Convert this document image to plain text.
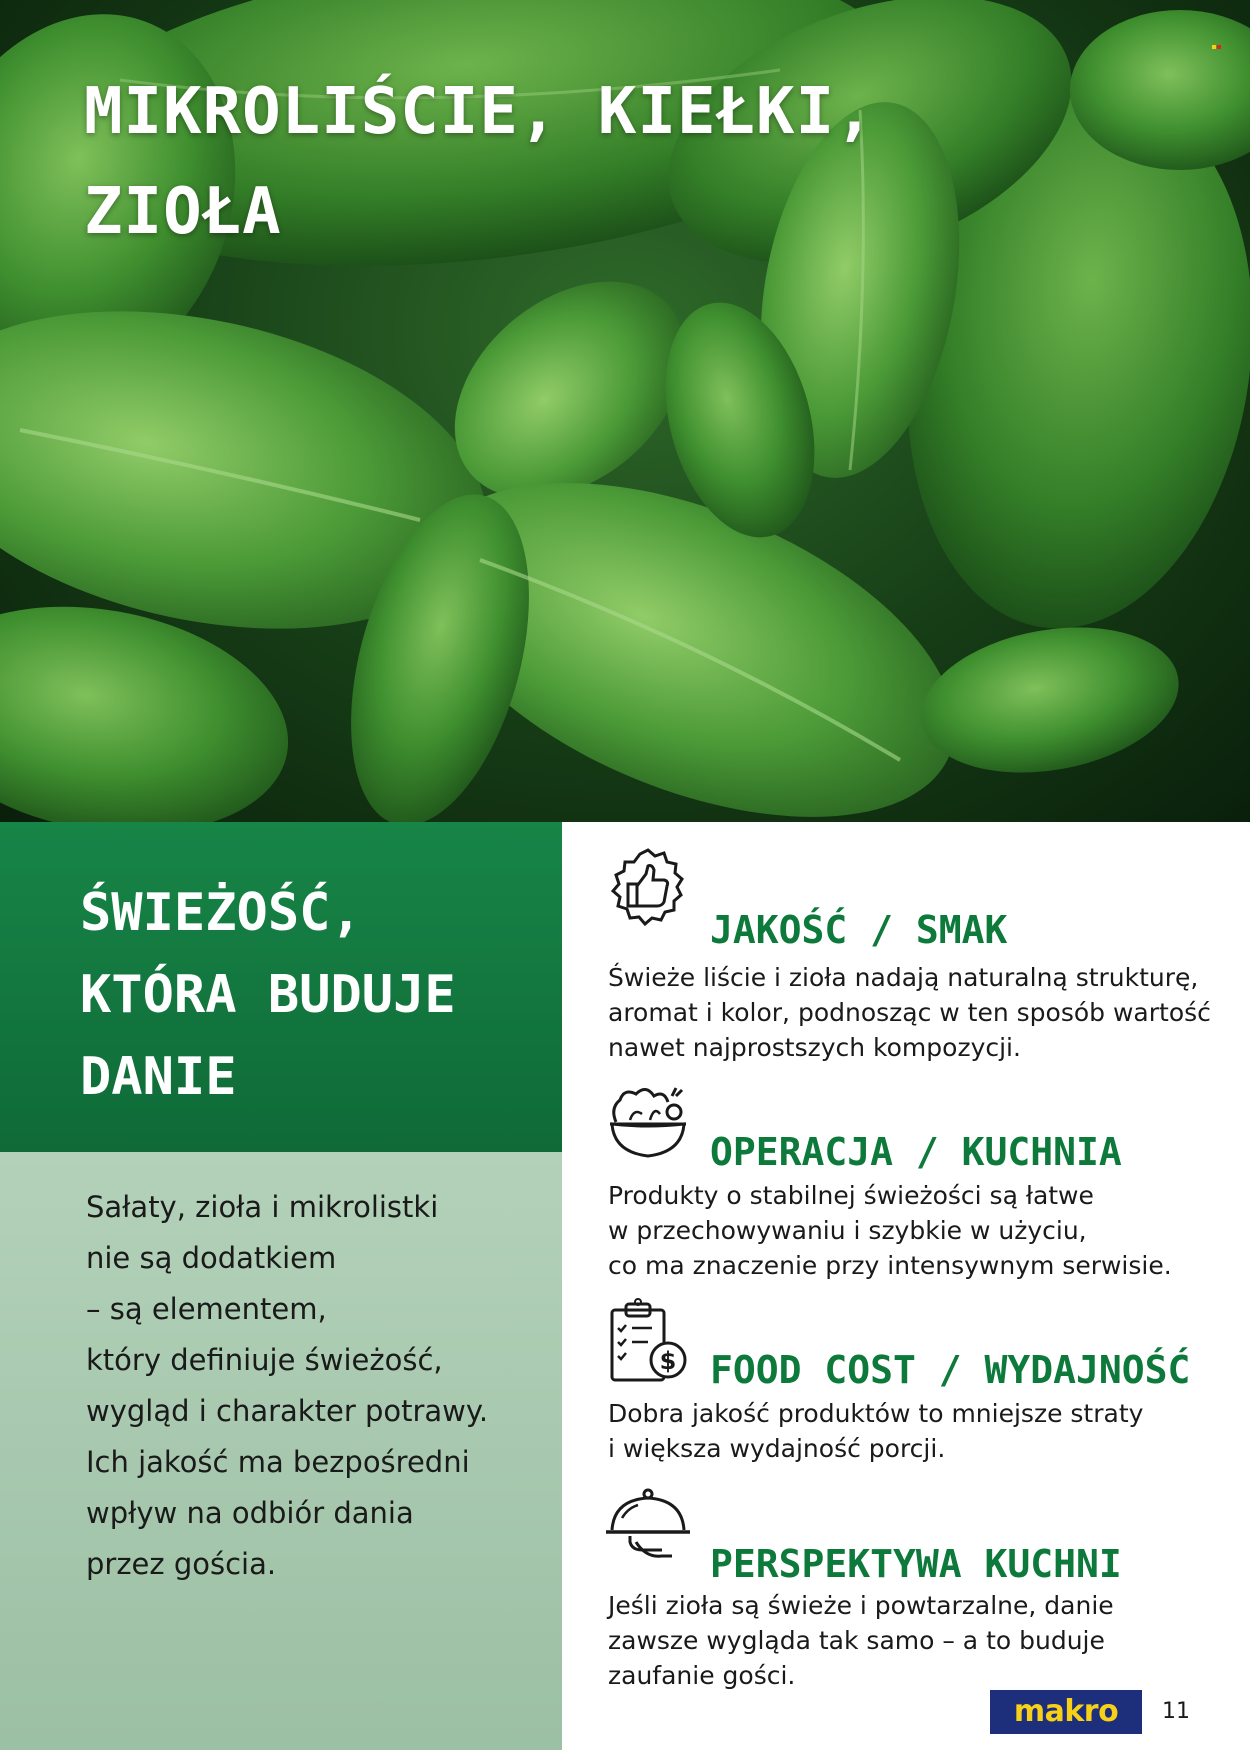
MIKROLIŚCIE, KIEŁKI,
ZIOŁA
ŚWIEŻOŚĆ,
KTÓRA BUDUJE
DANIE

Sałaty, zioła i mikrolistki
nie są dodatkiem
– są elementem,
który definiuje świeżość,
wygląd i charakter potrawy.
Ich jakość ma bezpośredni
wpływ na odbiór dania
przez gościa.

JAKOŚĆ / SMAK

Świeże liście i zioła nadają naturalną strukturę,
aromat i kolor, podnosząc w ten sposób wartość
nawet najprostszych kompozycji.

OPERACJA / KUCHNIA

Produkty o stabilnej świeżości są łatwe
w przechowywaniu i szybkie w użyciu,
co ma znaczenie przy intensywnym serwisie.

$ FOOD COST / WYDAJNOŚĆ

Dobra jakość produktów to mniejsze straty
i większa wydajność porcji.

PERSPEKTYWA KUCHNI

Jeśli zioła są świeże i powtarzalne, danie
zawsze wygląda tak samo – a to buduje
zaufanie gości.

makro	11
